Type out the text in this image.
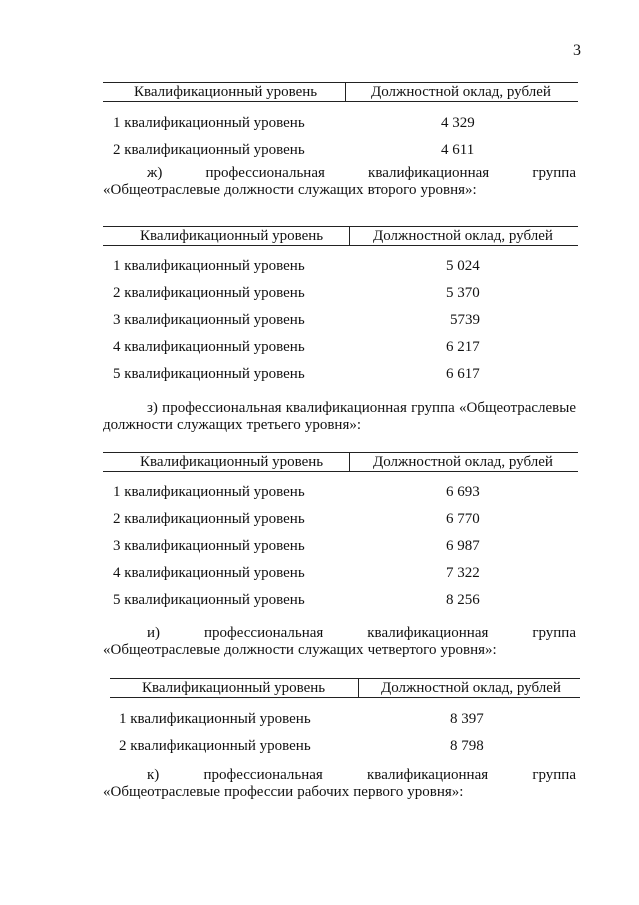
3
Квалификационный уровень	Должностной оклад, рублей
1 квалификационный уровень	4 329
2 квалификационный уровень	4 611

ж) профессиональная квалификационная группа «Общеотраслевые должности служащих второго уровня»:

Квалификационный уровень	Должностной оклад, рублей
1 квалификационный уровень	5 024
2 квалификационный уровень	5 370
3 квалификационный уровень	5739
4 квалификационный уровень	6 217
5 квалификационный уровень	6 617

з) профессиональная квалификационная группа «Общеотраслевые должности служащих третьего уровня»:

Квалификационный уровень	Должностной оклад, рублей
1 квалификационный уровень	6 693
2 квалификационный уровень	6 770
3 квалификационный уровень	6 987
4 квалификационный уровень	7 322
5 квалификационный уровень	8 256

и) профессиональная квалификационная группа «Общеотраслевые должности служащих четвертого уровня»:

Квалификационный уровень	Должностной оклад, рублей
1 квалификационный уровень	8 397
2 квалификационный уровень	8 798

к) профессиональная квалификационная группа «Общеотраслевые профессии рабочих первого уровня»:
